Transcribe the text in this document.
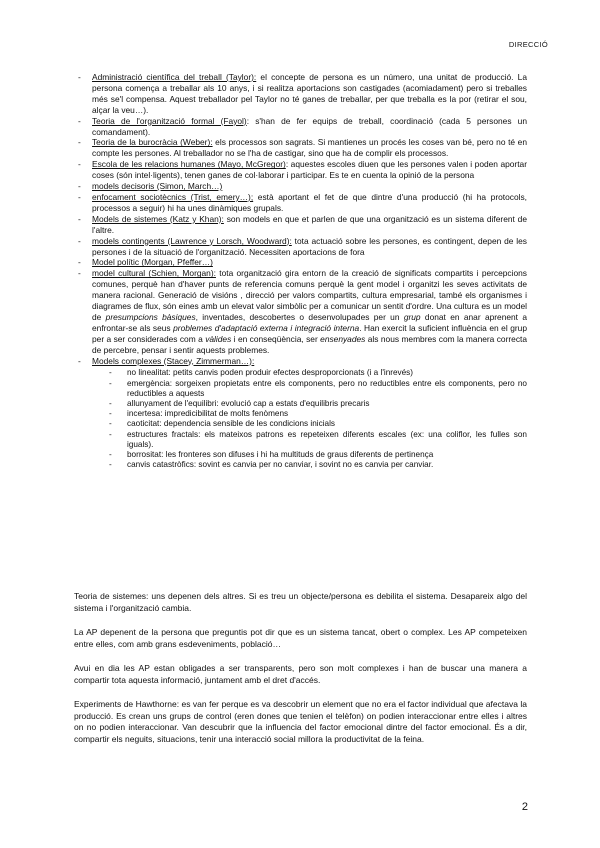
DIRECCIÓ
- Administració científica del treball (Taylor): el concepte de persona es un número, una unitat de producció. La persona comença a treballar als 10 anys, i si realitza aportacions son castigades (acomiadament) pero si treballes més se'l compensa. Aquest treballador pel Taylor no té ganes de treballar, per que treballa es la por (retirar el sou, alçar la veu…).
- Teoria de l'organització formal (Fayol): s'han de fer equips de treball, coordinació (cada 5 persones un comandament).
- Teoria de la burocràcia (Weber): els processos son sagrats. Si mantienes un procés les coses van bé, pero no té en compte les persones. Al treballador no se l'ha de castigar, sino que ha de complir els processos.
- Escola de les relacions humanes (Mayo, McGregor): aquestes escoles diuen que les persones valen i poden aportar coses (són intel·ligents), tenen ganes de col·laborar i participar. Es te en cuenta la opinió de la persona
- models decisoris (Simon, March…)
- enfocament sociotècnics (Trist, emery…); està aportant el fet de que dintre d'una producció (hi ha protocols, processos a seguir) hi ha unes dinàmiques grupals.
- Models de sistemes (Katz y Khan): son models en que et parlen de que una organització es un sistema diferent de l'altre.
- models contingents (Lawrence y Lorsch, Woodward): tota actuació sobre les persones, es contingent, depen de les persones i de la situació de l'organització. Necessiten aportacions de fora
- Model polític (Morgan, Pfeffer…)
- model cultural (Schien, Morgan): tota organització gira entorn de la creació de significats compartits i percepcions comunes, perquè han d'haver punts de referencia comuns perquè la gent model i organitzi les seves activitats de manera racional. Generació de visións , direcció per valors compartits, cultura empresarial, també els organismes i diagrames de flux, són eines amb un elevat valor simbòlic per a comunicar un sentit d'ordre. Una cultura es un model de presumpcions bàsiques, inventades, descobertes o desenvolupades per un grup donat en anar aprenent a enfrontar-se als seus problemes d'adaptació externa i integració interna. Han exercit la suficient influència en el grup per a ser considerades com a vàlides i en conseqüència, ser ensenyades als nous membres com la manera correcta de percebre, pensar i sentir aquests problemes.
- Models complexes (Stacey, Zimmerman…):
- no linealitat: petits canvis poden produir efectes desproporcionats (i a l'inrevés)
- emergència: sorgeixen propietats entre els components, pero no reductibles entre els components, pero no reductibles a aquests
- allunyament de l'equilibri: evolució cap a estats d'equilibris precaris
- incertesa: impredicibilitat de molts fenòmens
- caoticitat: dependencia sensible de les condicions inicials
- estructures fractals: els mateixos patrons es repeteixen diferents escales (ex: una coliflor, les fulles son iguals).
- borrositat: les fronteres son difuses i hi ha multituds de graus diferents de pertinença
- canvis catastròfics: sovint es canvia per no canviar, i sovint no es canvia per canviar.

Teoria de sistemes: uns depenen dels altres. Si es treu un objecte/persona es debilita el sistema. Desapareix algo del sistema i l'organització cambia.

La AP depenent de la persona que preguntis pot dir que es un sistema tancat, obert o complex. Les AP competeixen entre elles, com amb grans esdeveniments, població…

Avui en dia les AP estan obligades a ser transparents, pero son molt complexes i han de buscar una manera a compartir tota aquesta informació, juntament amb el dret d'accés.

Experiments de Hawthorne: es van fer perque es va descobrir un element que no era el factor individual que afectava la producció. Es crean uns grups de control (eren dones que tenien el telèfon) on podien interaccionar entre elles i altres on no podien interaccionar. Van descubrir que la influencia del factor emocional dintre del factor emocional. És a dir, compartir els neguits, situacions, tenir una interacció social millora la productivitat de la feina.

2
